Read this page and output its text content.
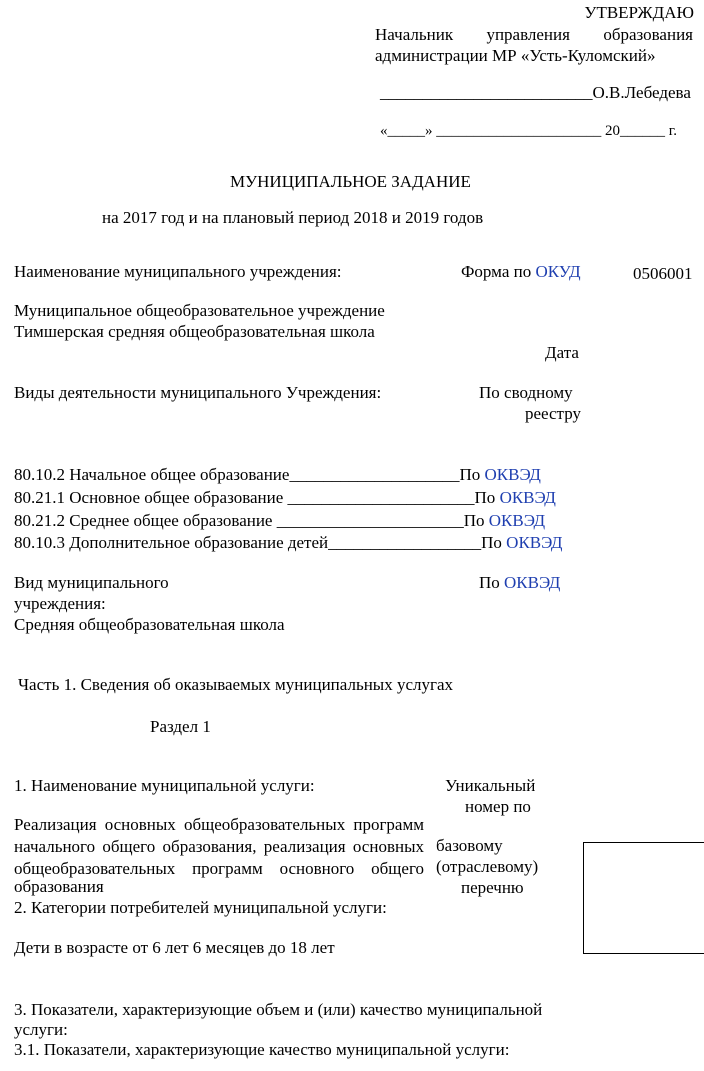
УТВЕРЖДАЮ
Начальник управления образования
администрации МР «Усть-Куломский»
_________________________О.В.Лебедева
«_____» ______________________ 20______ г.
МУНИЦИПАЛЬНОЕ ЗАДАНИЕ
на 2017 год и на плановый период 2018 и 2019 годов
Наименование муниципального учреждения:	Форма по ОКУД	0506001
Муниципальное общеобразовательное учреждение
Тимшерская средняя общеобразовательная школа
Дата
Виды деятельности муниципального Учреждения:	По сводному
реестру
80.10.2 Начальное общее образование____________________По ОКВЭД
80.21.1 Основное общее образование ______________________По ОКВЭД
80.21.2 Среднее общее образование ______________________По ОКВЭД
80.10.3 Дополнительное образование детей__________________По ОКВЭД
Вид муниципального	По ОКВЭД
учреждения:
Средняя общеобразовательная школа
Часть 1. Сведения об оказываемых муниципальных услугах
Раздел 1
1. Наименование муниципальной услуги:	Уникальный
номер по
Реализация основных общеобразовательных программ
начального общего образования, реализация основных
общеобразовательных программ основного общего
образования
базовому
(отраслевому)
перечню
2. Категории потребителей муниципальной услуги:
Дети в возрасте от 6 лет 6 месяцев до 18 лет
3. Показатели, характеризующие объем и (или) качество муниципальной
услуги:
3.1. Показатели, характеризующие качество муниципальной услуги:
